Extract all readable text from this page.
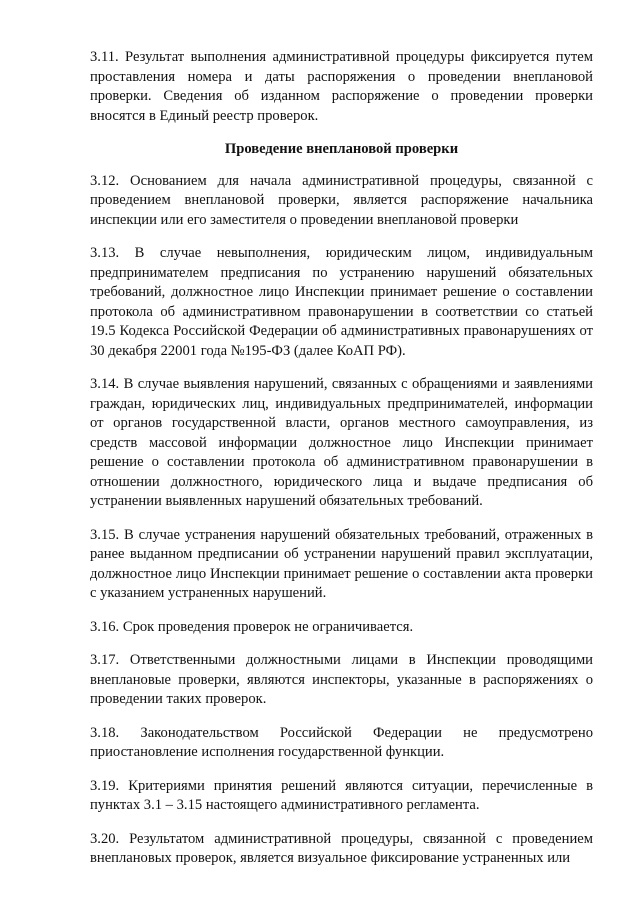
3.11. Результат выполнения административной процедуры фиксируется путем проставления номера и даты распоряжения о проведении внеплановой проверки. Сведения об изданном распоряжение о проведении проверки вносятся в Единый реестр проверок.

Проведение внеплановой проверки

3.12. Основанием для начала административной процедуры, связанной с проведением внеплановой проверки, является распоряжение начальника инспекции или его заместителя о проведении внеплановой проверки

3.13. В случае невыполнения, юридическим лицом, индивидуальным предпринимателем предписания по устранению нарушений обязательных требований, должностное лицо Инспекции принимает решение о составлении протокола об административном правонарушении в соответствии со статьей 19.5 Кодекса Российской Федерации об административных правонарушениях от 30 декабря 22001 года №195-ФЗ (далее КоАП РФ).

3.14. В случае выявления нарушений, связанных с обращениями и заявлениями граждан, юридических лиц, индивидуальных предпринимателей, информации от органов государственной власти, органов местного самоуправления, из средств массовой информации должностное лицо Инспекции принимает решение о составлении протокола об административном правонарушении в отношении должностного, юридического лица и выдаче предписания об устранении выявленных нарушений обязательных требований.

3.15. В случае устранения нарушений обязательных требований, отраженных в ранее выданном предписании об устранении нарушений правил эксплуатации, должностное лицо Инспекции принимает решение о составлении акта проверки с указанием устраненных нарушений.

3.16. Срок проведения проверок не ограничивается.

3.17. Ответственными должностными лицами в Инспекции проводящими внеплановые проверки, являются инспекторы, указанные в распоряжениях о проведении таких проверок.

3.18. Законодательством Российской Федерации не предусмотрено приостановление исполнения государственной функции.

3.19. Критериями принятия решений являются ситуации, перечисленные в пунктах 3.1 – 3.15 настоящего административного регламента.

3.20. Результатом административной процедуры, связанной с проведением внеплановых проверок, является визуальное фиксирование устраненных или
